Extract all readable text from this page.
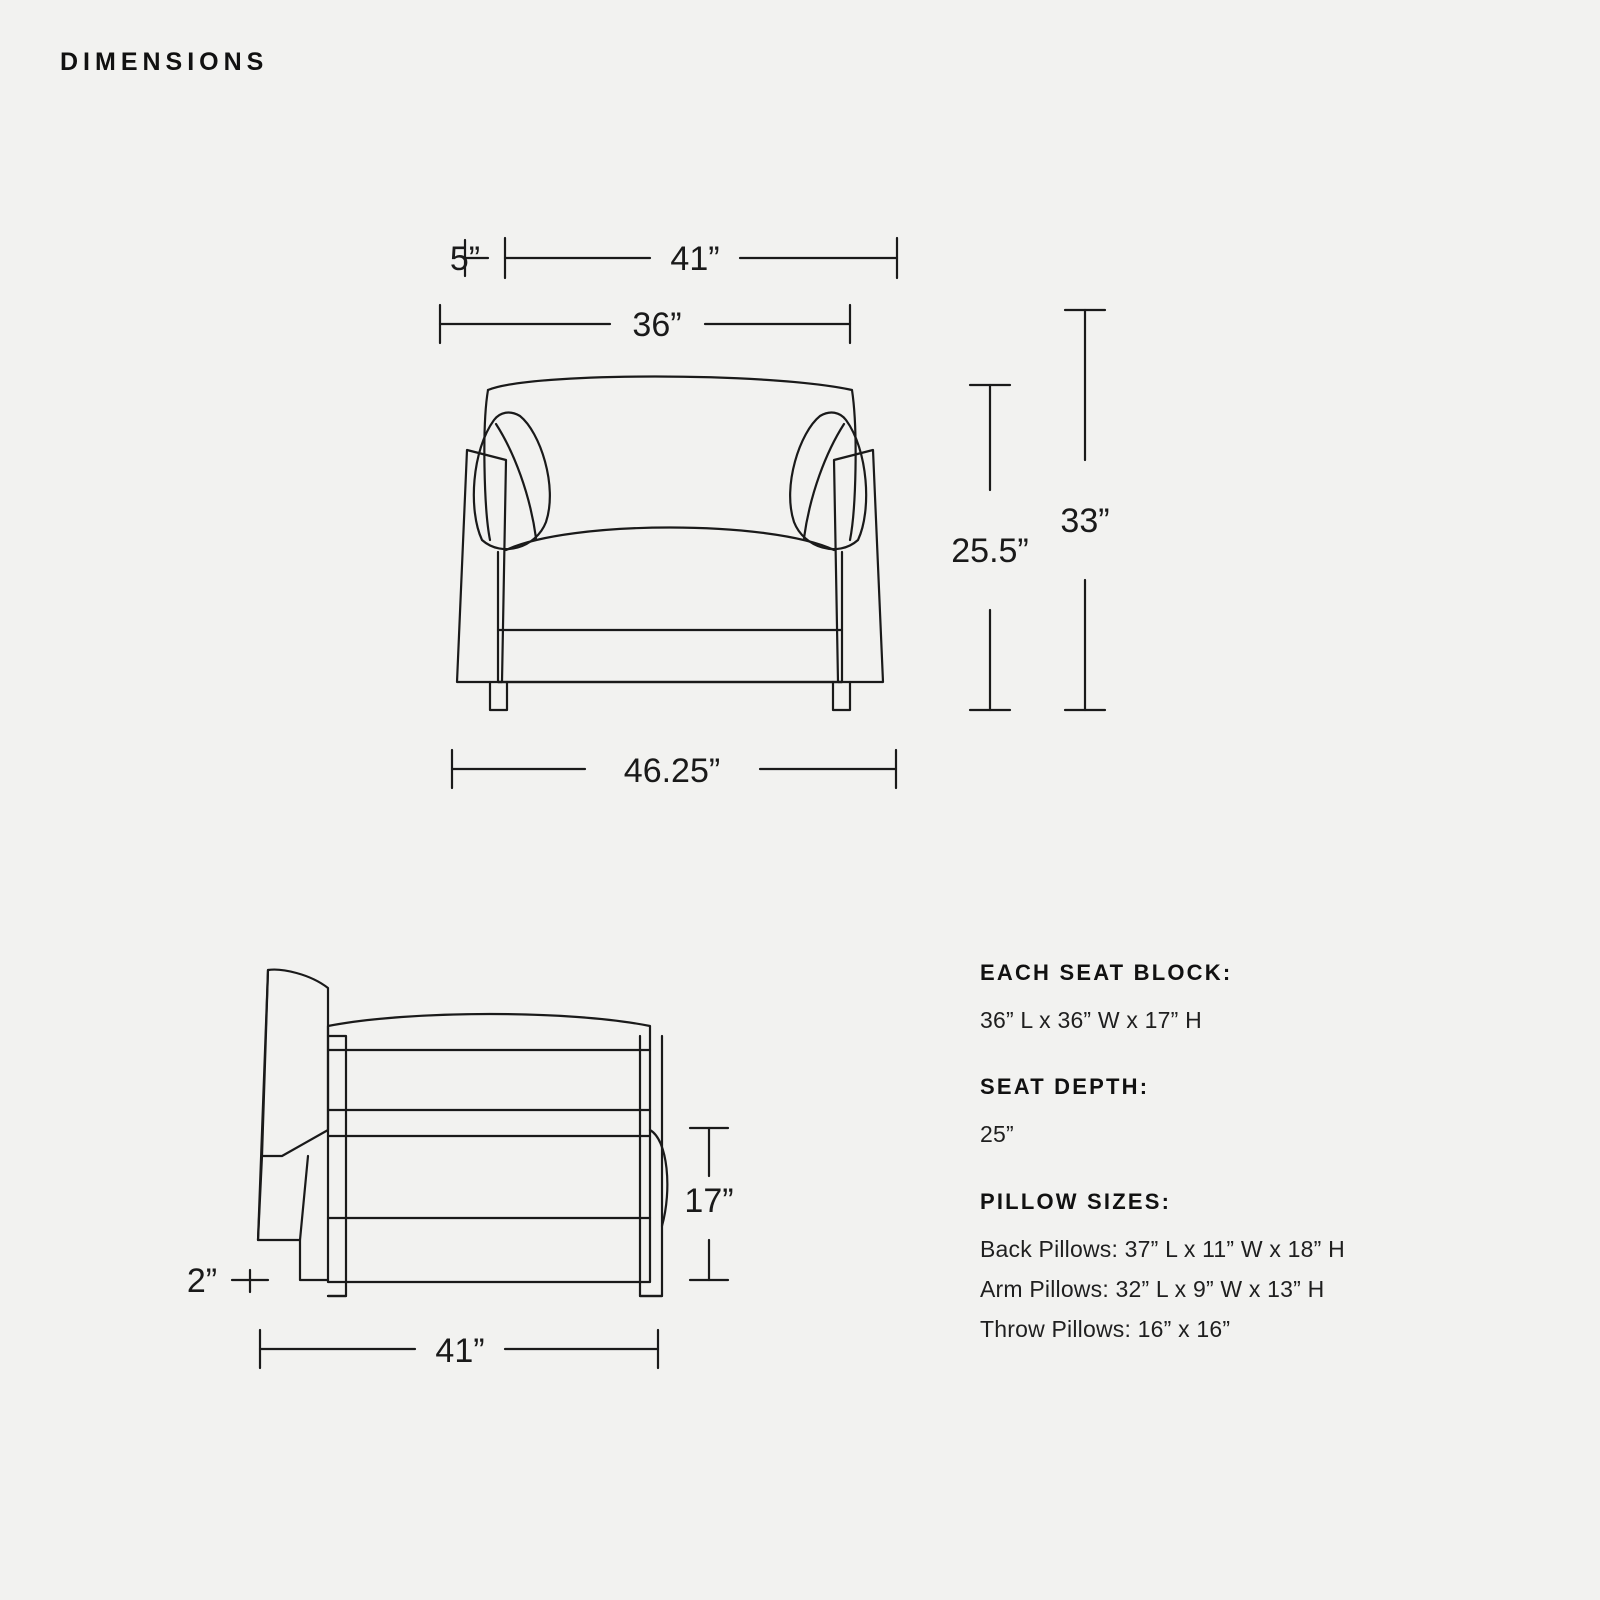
DIMENSIONS
41”
5”
36”
25.5”
33”
46.25”
17”
2”
41”
EACH SEAT BLOCK:
36” L x 36” W x 17” H
SEAT DEPTH:
25”
PILLOW SIZES:
Back Pillows: 37” L x 11” W x 18” H
Arm Pillows: 32” L x 9” W x 13” H
Throw Pillows: 16” x 16”
